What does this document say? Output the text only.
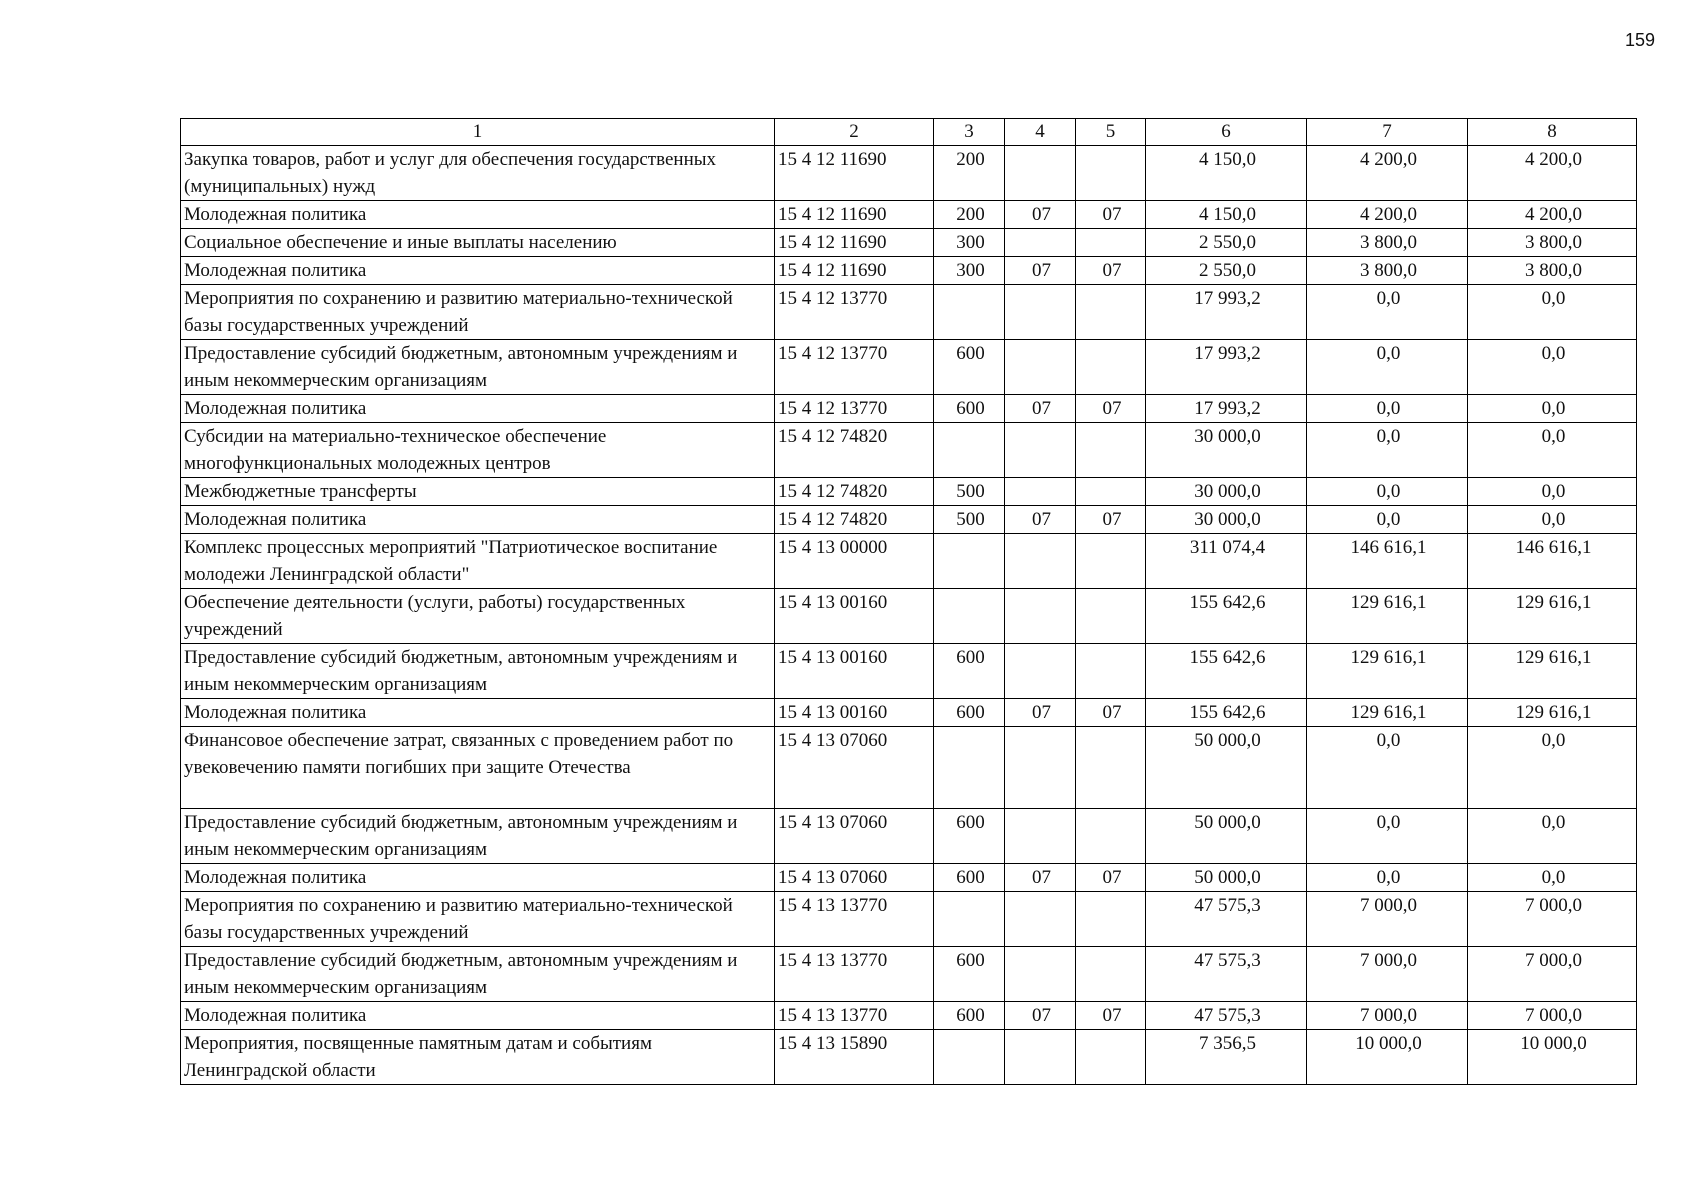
159
1	2	3	4	5	6	7	8
Закупка товаров, работ и услуг для обеспечения государственных (муниципальных) нужд	15 4 12 11690	200			4 150,0	4 200,0	4 200,0
Молодежная политика	15 4 12 11690	200	07	07	4 150,0	4 200,0	4 200,0
Социальное обеспечение и иные выплаты населению	15 4 12 11690	300			2 550,0	3 800,0	3 800,0
Молодежная политика	15 4 12 11690	300	07	07	2 550,0	3 800,0	3 800,0
Мероприятия по сохранению и развитию материально-технической базы государственных учреждений	15 4 12 13770				17 993,2	0,0	0,0
Предоставление субсидий бюджетным, автономным учреждениям и иным некоммерческим организациям	15 4 12 13770	600			17 993,2	0,0	0,0
Молодежная политика	15 4 12 13770	600	07	07	17 993,2	0,0	0,0
Субсидии на материально-техническое обеспечение многофункциональных молодежных центров	15 4 12 74820				30 000,0	0,0	0,0
Межбюджетные трансферты	15 4 12 74820	500			30 000,0	0,0	0,0
Молодежная политика	15 4 12 74820	500	07	07	30 000,0	0,0	0,0
Комплекс процессных мероприятий "Патриотическое воспитание молодежи Ленинградской области"	15 4 13 00000				311 074,4	146 616,1	146 616,1
Обеспечение деятельности (услуги, работы) государственных учреждений	15 4 13 00160				155 642,6	129 616,1	129 616,1
Предоставление субсидий бюджетным, автономным учреждениям и иным некоммерческим организациям	15 4 13 00160	600			155 642,6	129 616,1	129 616,1
Молодежная политика	15 4 13 00160	600	07	07	155 642,6	129 616,1	129 616,1
Финансовое обеспечение затрат, связанных с проведением работ по увековечению памяти погибших при защите Отечества	15 4 13 07060				50 000,0	0,0	0,0
Предоставление субсидий бюджетным, автономным учреждениям и иным некоммерческим организациям	15 4 13 07060	600			50 000,0	0,0	0,0
Молодежная политика	15 4 13 07060	600	07	07	50 000,0	0,0	0,0
Мероприятия по сохранению и развитию материально-технической базы государственных учреждений	15 4 13 13770				47 575,3	7 000,0	7 000,0
Предоставление субсидий бюджетным, автономным учреждениям и иным некоммерческим организациям	15 4 13 13770	600			47 575,3	7 000,0	7 000,0
Молодежная политика	15 4 13 13770	600	07	07	47 575,3	7 000,0	7 000,0
Мероприятия, посвященные памятным датам и событиям Ленинградской области	15 4 13 15890				7 356,5	10 000,0	10 000,0
